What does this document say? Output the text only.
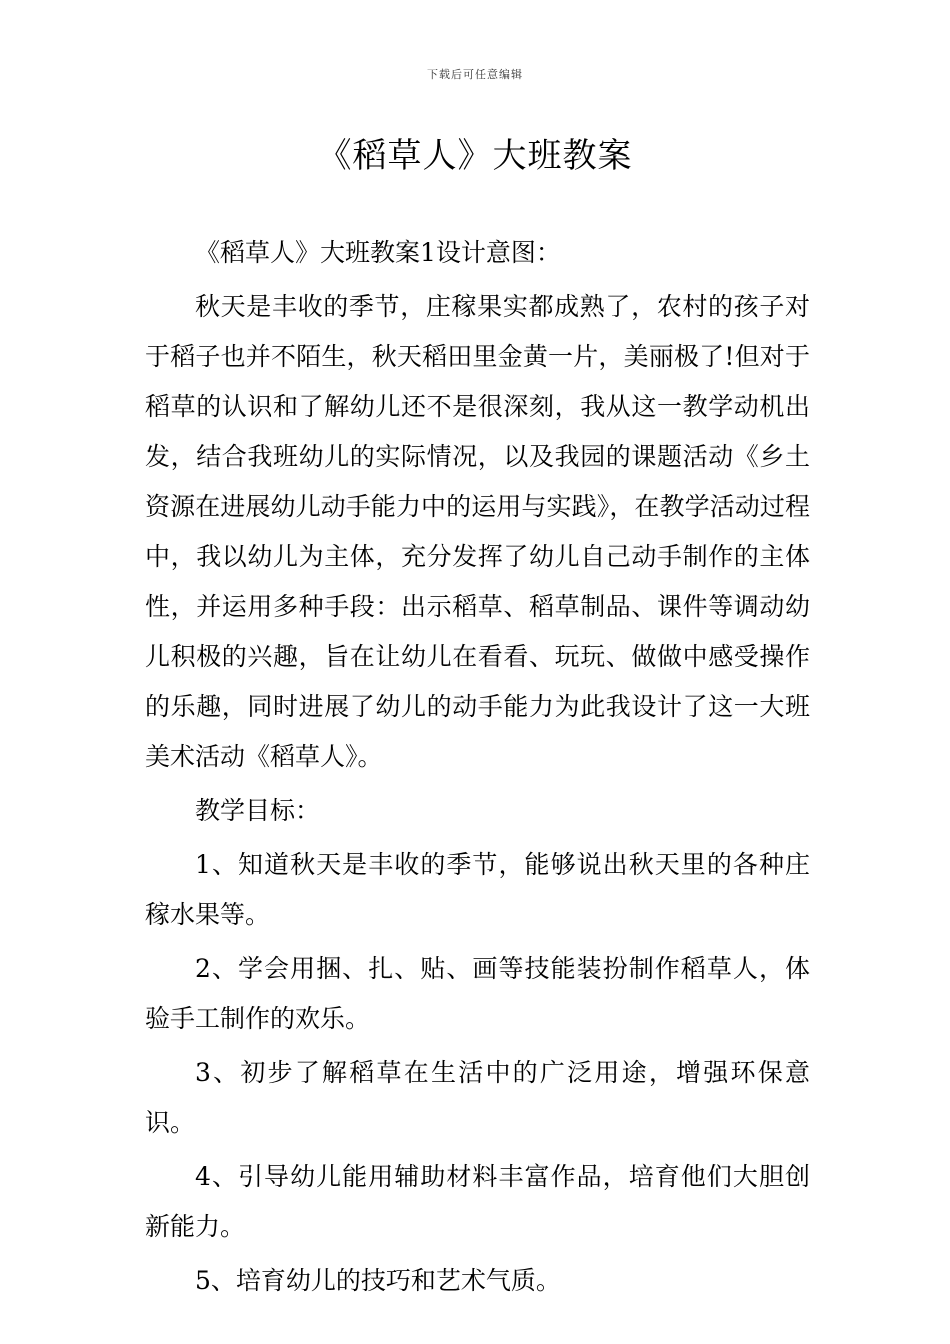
下载后可任意编辑
《稻草人》大班教案

《稻草人》大班教案1设计意图：

秋天是丰收的季节，庄稼果实都成熟了，农村的孩子对于稻子也并不陌生，秋天稻田里金黄一片，美丽极了!但对于稻草的认识和了解幼儿还不是很深刻，我从这一教学动机出发，结合我班幼儿的实际情况，以及我园的课题活动《乡土资源在进展幼儿动手能力中的运用与实践》，在教学活动过程中，我以幼儿为主体，充分发挥了幼儿自己动手制作的主体性，并运用多种手段：出示稻草、稻草制品、课件等调动幼儿积极的兴趣，旨在让幼儿在看看、玩玩、做做中感受操作的乐趣，同时进展了幼儿的动手能力为此我设计了这一大班美术活动《稻草人》。

教学目标：

1、知道秋天是丰收的季节，能够说出秋天里的各种庄稼水果等。

2、学会用捆、扎、贴、画等技能装扮制作稻草人，体验手工制作的欢乐。

3、初步了解稻草在生活中的广泛用途，增强环保意识。

4、引导幼儿能用辅助材料丰富作品，培育他们大胆创新能力。

5、培育幼儿的技巧和艺术气质。
